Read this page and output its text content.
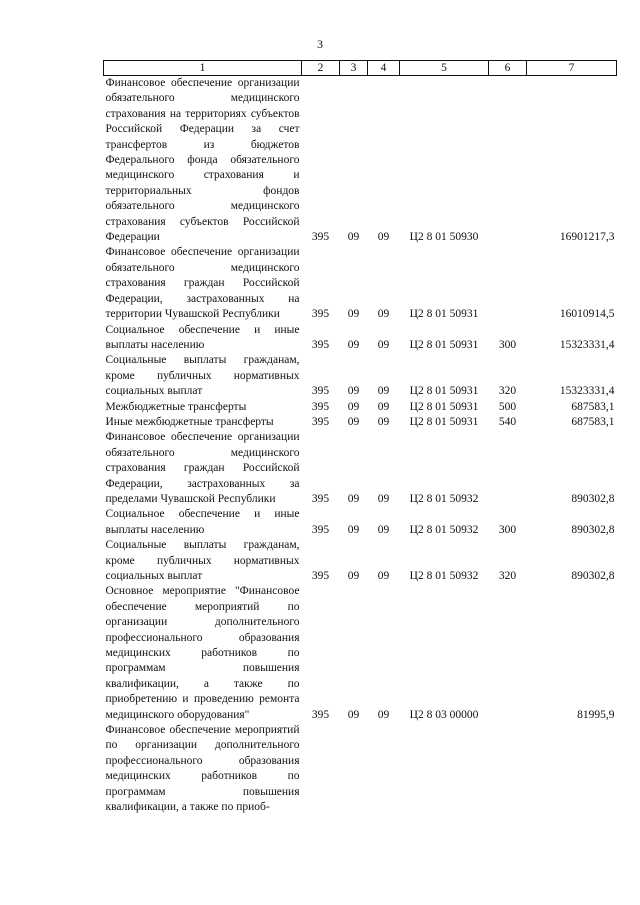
3
1	2	3	4	5	6	7
Финансовое обеспечение организации обязательного медицинского страхования на территориях субъектов Российской Федерации за счет трансфертов из бюджетов Федерального фонда обязательного медицинского страхования и территориальных фондов обязательного медицинского страхования субъектов Российской Федерации	395	09	09	Ц2 8 01 50930		16901217,3
Финансовое обеспечение организации обязательного медицинского страхования граждан Российской Федерации, застрахованных на территории Чувашской Республики	395	09	09	Ц2 8 01 50931		16010914,5
Социальное обеспечение и иные выплаты населению	395	09	09	Ц2 8 01 50931	300	15323331,4
Социальные выплаты гражданам, кроме публичных нормативных социальных выплат	395	09	09	Ц2 8 01 50931	320	15323331,4
Межбюджетные трансферты	395	09	09	Ц2 8 01 50931	500	687583,1
Иные межбюджетные трансферты	395	09	09	Ц2 8 01 50931	540	687583,1
Финансовое обеспечение организации обязательного медицинского страхования граждан Российской Федерации, застрахованных за пределами Чувашской Республики	395	09	09	Ц2 8 01 50932		890302,8
Социальное обеспечение и иные выплаты населению	395	09	09	Ц2 8 01 50932	300	890302,8
Социальные выплаты гражданам, кроме публичных нормативных социальных выплат	395	09	09	Ц2 8 01 50932	320	890302,8
Основное мероприятие "Финансовое обеспечение мероприятий по организации дополнительного профессионального образования медицинских работников по программам повышения квалификации, а также по приобретению и проведению ремонта медицинского оборудования"	395	09	09	Ц2 8 03 00000		81995,9
Финансовое обеспечение мероприятий по организации дополнительного профессионального образования медицинских работников по программам повышения квалификации, а также по приоб-						
